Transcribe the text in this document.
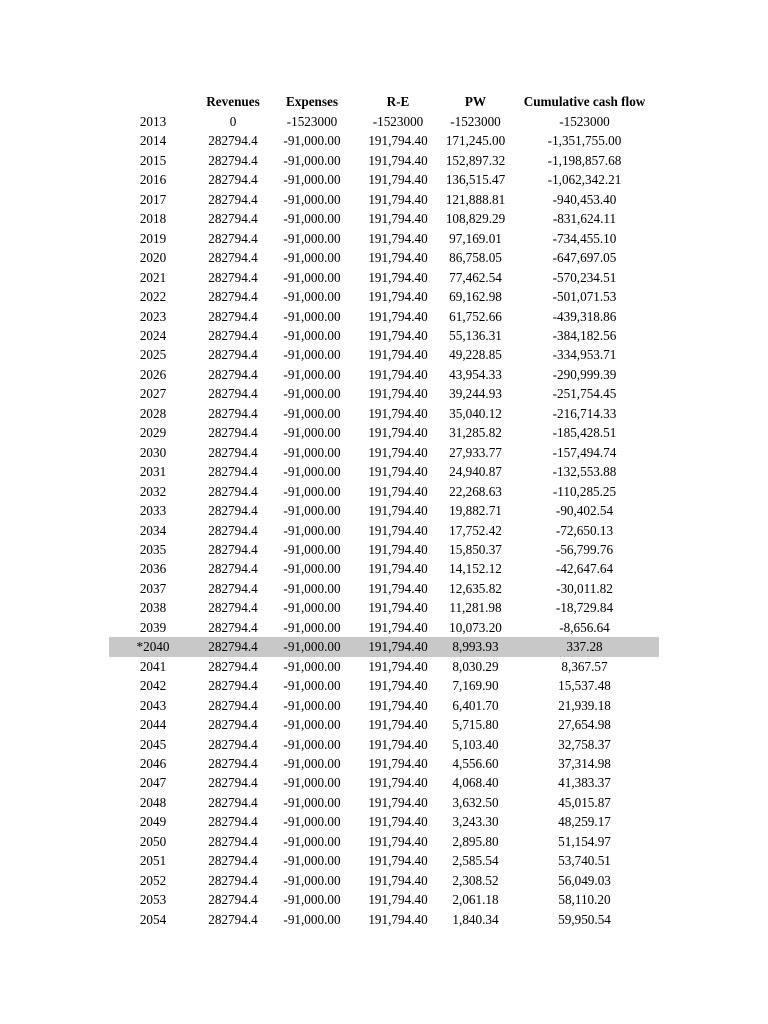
	Revenues	Expenses	R-E	PW	Cumulative cash flow
2013	0	-1523000	-1523000	-1523000	-1523000
2014	282794.4	-91,000.00	191,794.40	171,245.00	-1,351,755.00
2015	282794.4	-91,000.00	191,794.40	152,897.32	-1,198,857.68
2016	282794.4	-91,000.00	191,794.40	136,515.47	-1,062,342.21
2017	282794.4	-91,000.00	191,794.40	121,888.81	-940,453.40
2018	282794.4	-91,000.00	191,794.40	108,829.29	-831,624.11
2019	282794.4	-91,000.00	191,794.40	97,169.01	-734,455.10
2020	282794.4	-91,000.00	191,794.40	86,758.05	-647,697.05
2021	282794.4	-91,000.00	191,794.40	77,462.54	-570,234.51
2022	282794.4	-91,000.00	191,794.40	69,162.98	-501,071.53
2023	282794.4	-91,000.00	191,794.40	61,752.66	-439,318.86
2024	282794.4	-91,000.00	191,794.40	55,136.31	-384,182.56
2025	282794.4	-91,000.00	191,794.40	49,228.85	-334,953.71
2026	282794.4	-91,000.00	191,794.40	43,954.33	-290,999.39
2027	282794.4	-91,000.00	191,794.40	39,244.93	-251,754.45
2028	282794.4	-91,000.00	191,794.40	35,040.12	-216,714.33
2029	282794.4	-91,000.00	191,794.40	31,285.82	-185,428.51
2030	282794.4	-91,000.00	191,794.40	27,933.77	-157,494.74
2031	282794.4	-91,000.00	191,794.40	24,940.87	-132,553.88
2032	282794.4	-91,000.00	191,794.40	22,268.63	-110,285.25
2033	282794.4	-91,000.00	191,794.40	19,882.71	-90,402.54
2034	282794.4	-91,000.00	191,794.40	17,752.42	-72,650.13
2035	282794.4	-91,000.00	191,794.40	15,850.37	-56,799.76
2036	282794.4	-91,000.00	191,794.40	14,152.12	-42,647.64
2037	282794.4	-91,000.00	191,794.40	12,635.82	-30,011.82
2038	282794.4	-91,000.00	191,794.40	11,281.98	-18,729.84
2039	282794.4	-91,000.00	191,794.40	10,073.20	-8,656.64
*2040	282794.4	-91,000.00	191,794.40	8,993.93	337.28
2041	282794.4	-91,000.00	191,794.40	8,030.29	8,367.57
2042	282794.4	-91,000.00	191,794.40	7,169.90	15,537.48
2043	282794.4	-91,000.00	191,794.40	6,401.70	21,939.18
2044	282794.4	-91,000.00	191,794.40	5,715.80	27,654.98
2045	282794.4	-91,000.00	191,794.40	5,103.40	32,758.37
2046	282794.4	-91,000.00	191,794.40	4,556.60	37,314.98
2047	282794.4	-91,000.00	191,794.40	4,068.40	41,383.37
2048	282794.4	-91,000.00	191,794.40	3,632.50	45,015.87
2049	282794.4	-91,000.00	191,794.40	3,243.30	48,259.17
2050	282794.4	-91,000.00	191,794.40	2,895.80	51,154.97
2051	282794.4	-91,000.00	191,794.40	2,585.54	53,740.51
2052	282794.4	-91,000.00	191,794.40	2,308.52	56,049.03
2053	282794.4	-91,000.00	191,794.40	2,061.18	58,110.20
2054	282794.4	-91,000.00	191,794.40	1,840.34	59,950.54
